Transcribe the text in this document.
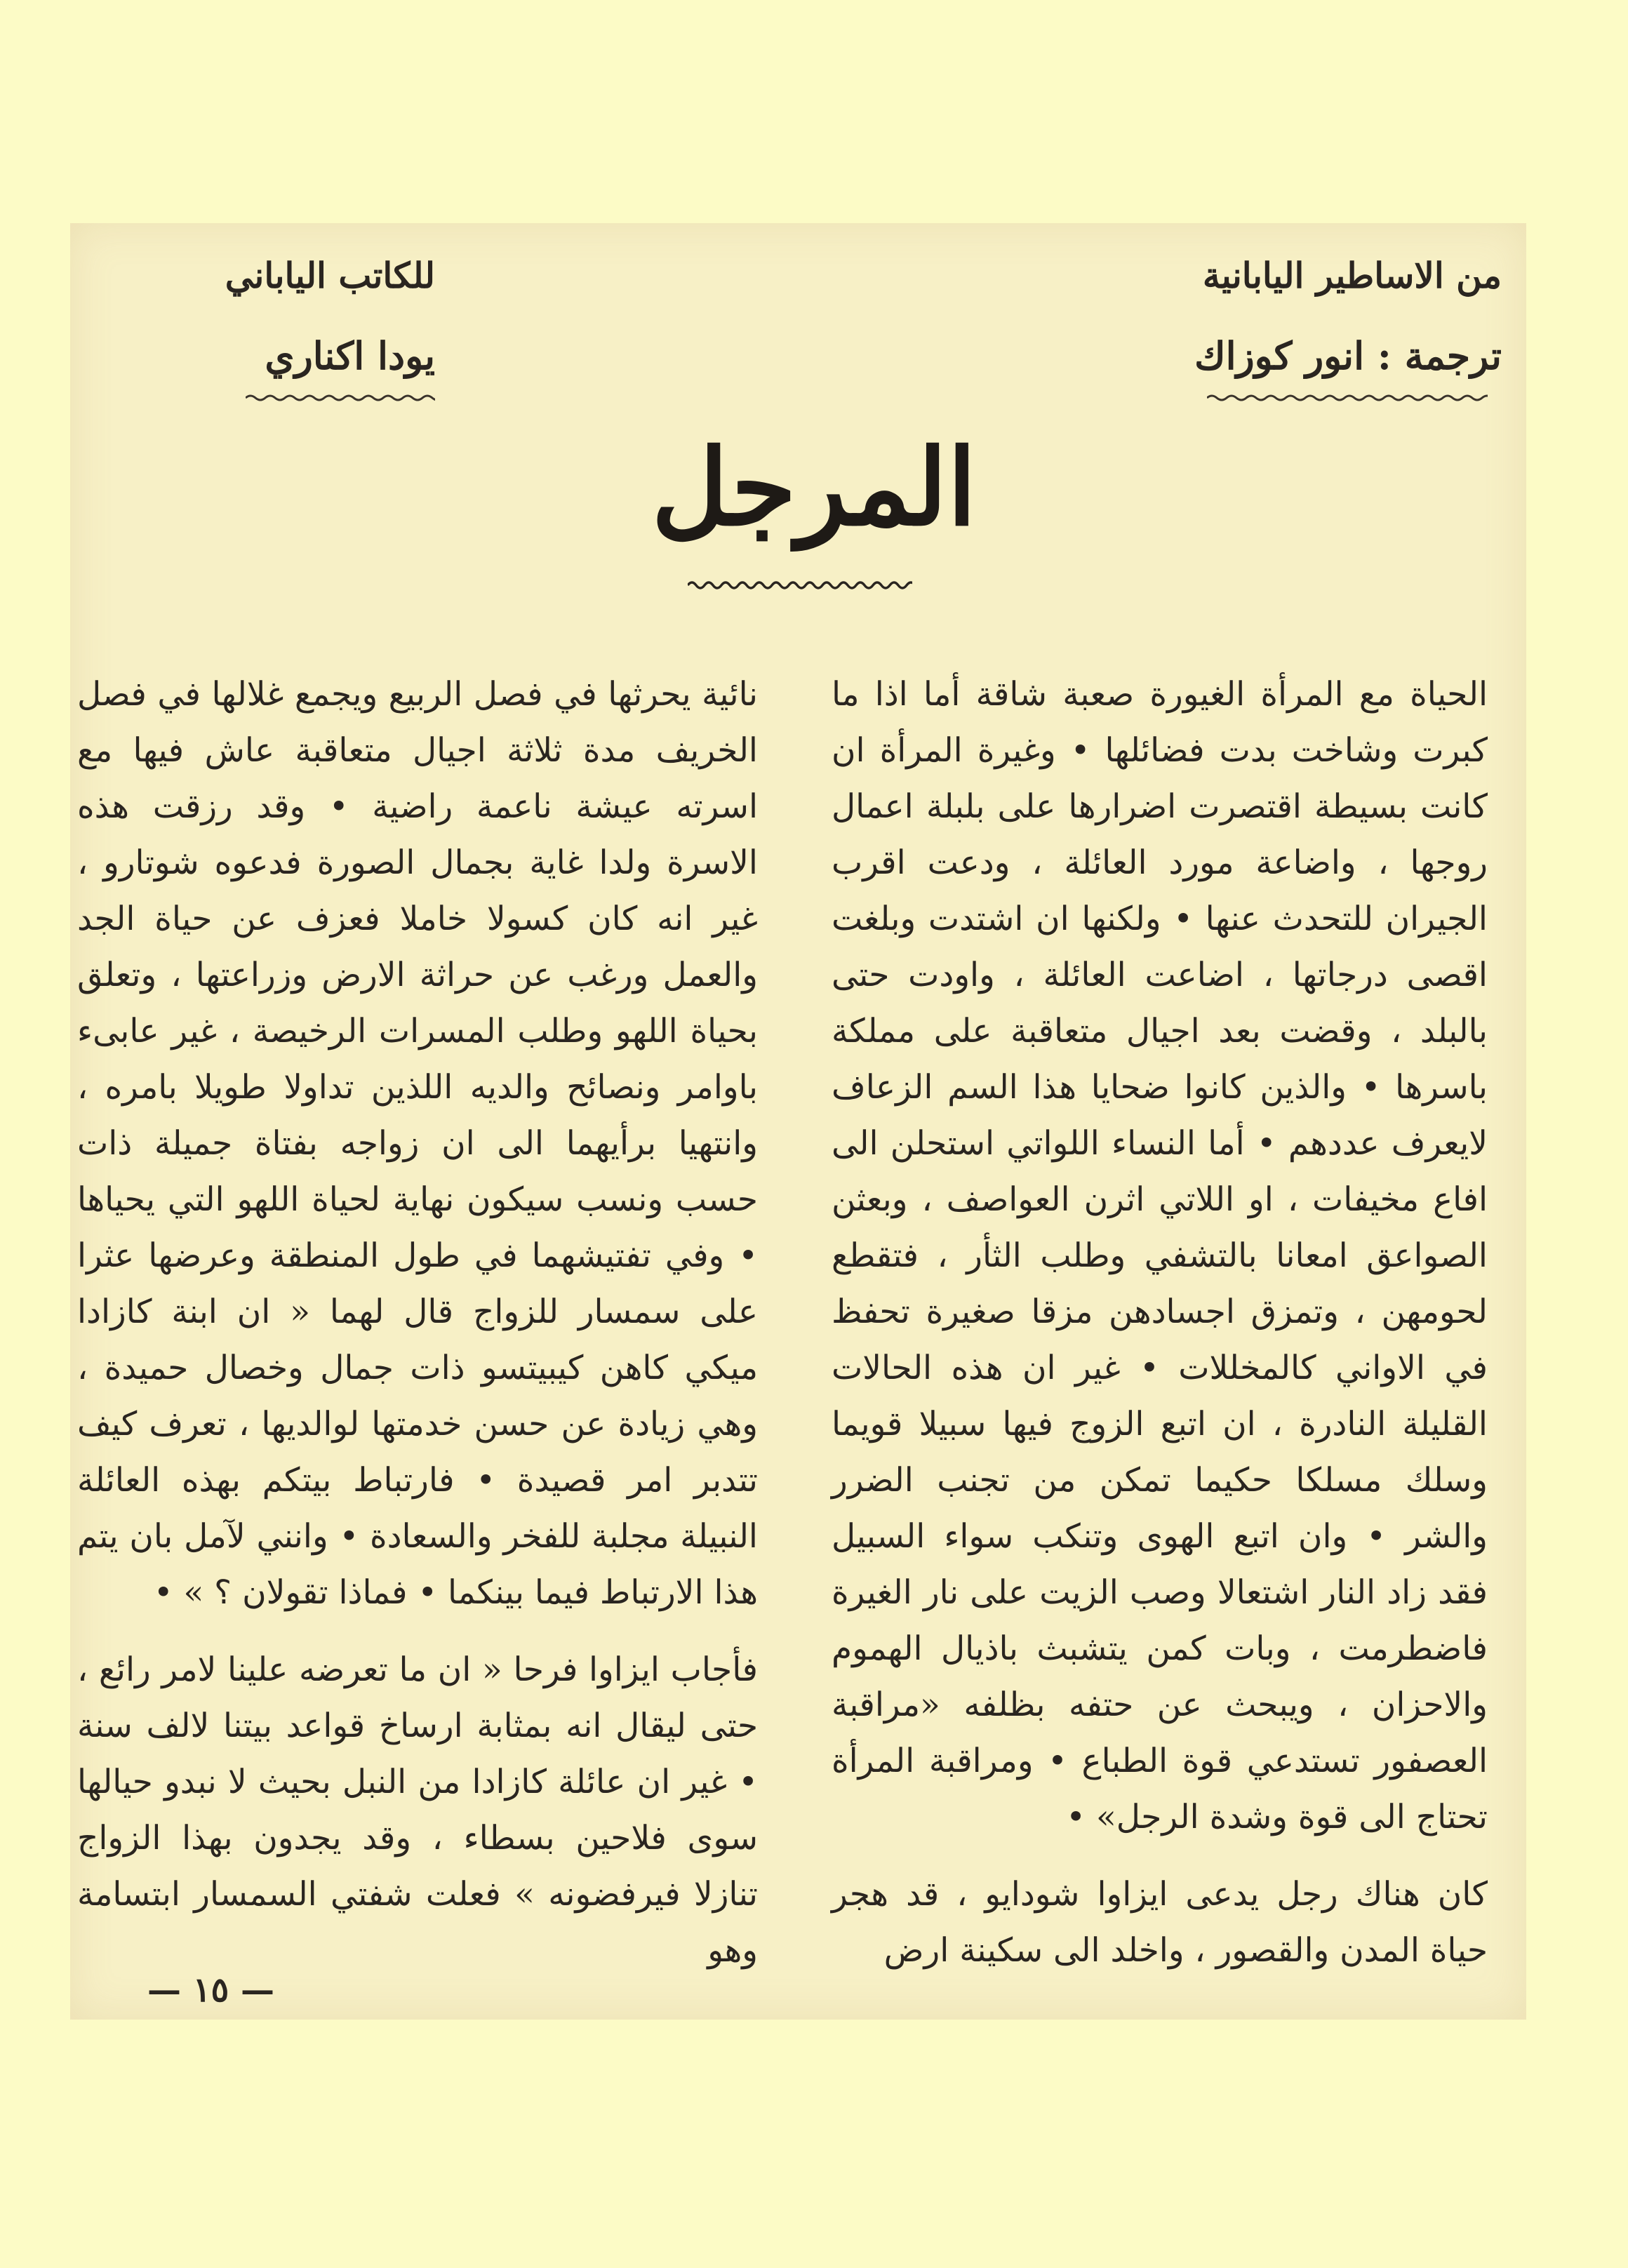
من الاساطير اليابانية
ترجمة : انور كوزاك
للكاتب الياباني
يودا اكناري
المرجل

الحياة مع المرأة الغيورة صعبة شاقة أما اذا ما كبرت وشاخت بدت فضائلها • وغيرة المرأة ان كانت بسيطة اقتصرت اضرارها على بلبلة اعمال روجها ، واضاعة مورد العائلة ، ودعت اقرب الجيران للتحدث عنها • ولكنها ان اشتدت وبلغت اقصى درجاتها ، اضاعت العائلة ، واودت حتى بالبلد ، وقضت بعد اجيال متعاقبة على مملكة باسرها • والذين كانوا ضحايا هذا السم الزعاف لايعرف عددهم • أما النساء اللواتي استحلن الى افاع مخيفات ، او اللاتي اثرن العواصف ، وبعثن الصواعق امعانا بالتشفي وطلب الثأر ، فتقطع لحومهن ، وتمزق اجسادهن مزقا صغيرة تحفظ في الاواني كالمخللات • غير ان هذه الحالات القليلة النادرة ، ان اتبع الزوج فيها سبيلا قويما وسلك مسلكا حكيما تمكن من تجنب الضرر والشر • وان اتبع الهوى وتنكب سواء السبيل فقد زاد النار اشتعالا وصب الزيت على نار الغيرة فاضطرمت ، وبات كمن يتشبث باذيال الهموم والاحزان ، ويبحث عن حتفه بظلفه «مراقبة العصفور تستدعي قوة الطباع • ومراقبة المرأة تحتاج الى قوة وشدة الرجل» •

كان هناك رجل يدعى ايزاوا شودايو ، قد هجر حياة المدن والقصور ، واخلد الى سكينة ارض

نائية يحرثها في فصل الربيع ويجمع غلالها في فصل الخريف مدة ثلاثة اجيال متعاقبة عاش فيها مع اسرته عيشة ناعمة راضية • وقد رزقت هذه الاسرة ولدا غاية بجمال الصورة فدعوه شوتارو ، غير انه كان كسولا خاملا فعزف عن حياة الجد والعمل ورغب عن حراثة الارض وزراعتها ، وتعلق بحياة اللهو وطلب المسرات الرخيصة ، غير عابىء باوامر ونصائح والديه اللذين تداولا طويلا بامره ، وانتهيا برأيهما الى ان زواجه بفتاة جميلة ذات حسب ونسب سيكون نهاية لحياة اللهو التي يحياها • وفي تفتيشهما في طول المنطقة وعرضها عثرا على سمسار للزواج قال لهما « ان ابنة كازادا ميكي كاهن كيبيتسو ذات جمال وخصال حميدة ، وهي زيادة عن حسن خدمتها لوالديها ، تعرف كيف تتدبر امر قصيدة • فارتباط بيتكم بهذه العائلة النبيلة مجلبة للفخر والسعادة • وانني لآمل بان يتم هذا الارتباط فيما بينكما • فماذا تقولان ؟ » •

فأجاب ايزاوا فرحا « ان ما تعرضه علينا لامر رائع ، حتى ليقال انه بمثابة ارساخ قواعد بيتنا لالف سنة • غير ان عائلة كازادا من النبل بحيث لا نبدو حيالها سوى فلاحين بسطاء ، وقد يجدون بهذا الزواج تنازلا فيرفضونه » فعلت شفتي السمسار ابتسامة وهو

— ١٥ —
